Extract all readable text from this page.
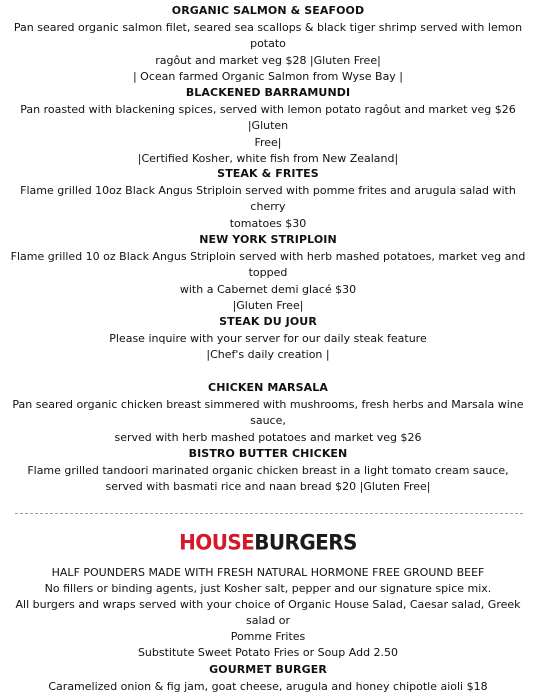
ORGANIC SALMON & SEAFOOD

Pan seared organic salmon filet, seared sea scallops & black tiger shrimp served with lemon potato

ragôut and market veg $28 |Gluten Free|

| Ocean farmed Organic Salmon from Wyse Bay |

BLACKENED BARRAMUNDI

Pan roasted with blackening spices, served with lemon potato ragôut and market veg $26 |Gluten

Free|

|Certified Kosher, white fish from New Zealand|

STEAK & FRITES

Flame grilled 10oz Black Angus Striploin served with pomme frites and arugula salad with cherry

tomatoes $30

NEW YORK STRIPLOIN

Flame grilled 10 oz Black Angus Striploin served with herb mashed potatoes, market veg and topped

with a Cabernet demi glacé $30

|Gluten Free|

STEAK DU JOUR

Please inquire with your server for our daily steak feature

|Chef's daily creation |

CHICKEN MARSALA

Pan seared organic chicken breast simmered with mushrooms, fresh herbs and Marsala wine sauce,

served with herb mashed potatoes and market veg $26

BISTRO BUTTER CHICKEN

Flame grilled tandoori marinated organic chicken breast in a light tomato cream sauce,

served with basmati rice and naan bread $20 |Gluten Free|

HOUSEBURGERS

HALF POUNDERS MADE WITH FRESH NATURAL HORMONE FREE GROUND BEEF

No fillers or binding agents, just Kosher salt, pepper and our signature spice mix.

All burgers and wraps served with your choice of Organic House Salad, Caesar salad, Greek salad or

Pomme Frites

Substitute Sweet Potato Fries or Soup Add 2.50

GOURMET BURGER

Caramelized onion & fig jam, goat cheese, arugula and honey chipotle aioli $18
